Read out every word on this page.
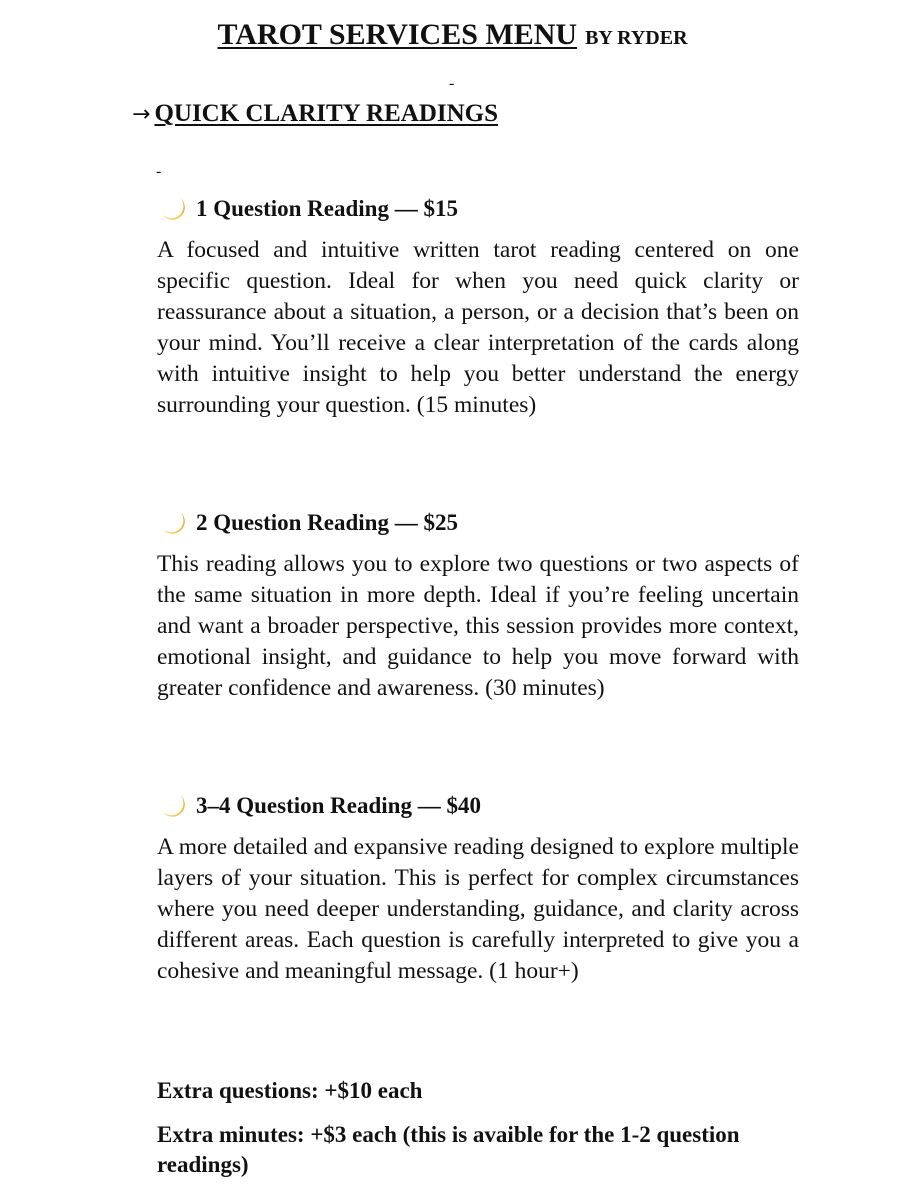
TAROT SERVICES MENU BY RYDER
-
→ QUICK CLARITY READINGS
-
1 Question Reading — $15

A focused and intuitive written tarot reading centered on one specific question. Ideal for when you need quick clarity or reassurance about a situation, a person, or a decision that’s been on your mind. You’ll receive a clear interpretation of the cards along with intuitive insight to help you better understand the energy surrounding your question. (15 minutes)

2 Question Reading — $25

This reading allows you to explore two questions or two aspects of the same situation in more depth. Ideal if you’re feeling uncertain and want a broader perspective, this session provides more context, emotional insight, and guidance to help you move forward with greater confidence and awareness. (30 minutes)

3–4 Question Reading — $40

A more detailed and expansive reading designed to explore multiple layers of your situation. This is perfect for complex circumstances where you need deeper understanding, guidance, and clarity across different areas. Each question is carefully interpreted to give you a cohesive and meaningful message. (1 hour+)

Extra questions: +$10 each
Extra minutes: +$3 each (this is avaible for the 1-2 question readings)
